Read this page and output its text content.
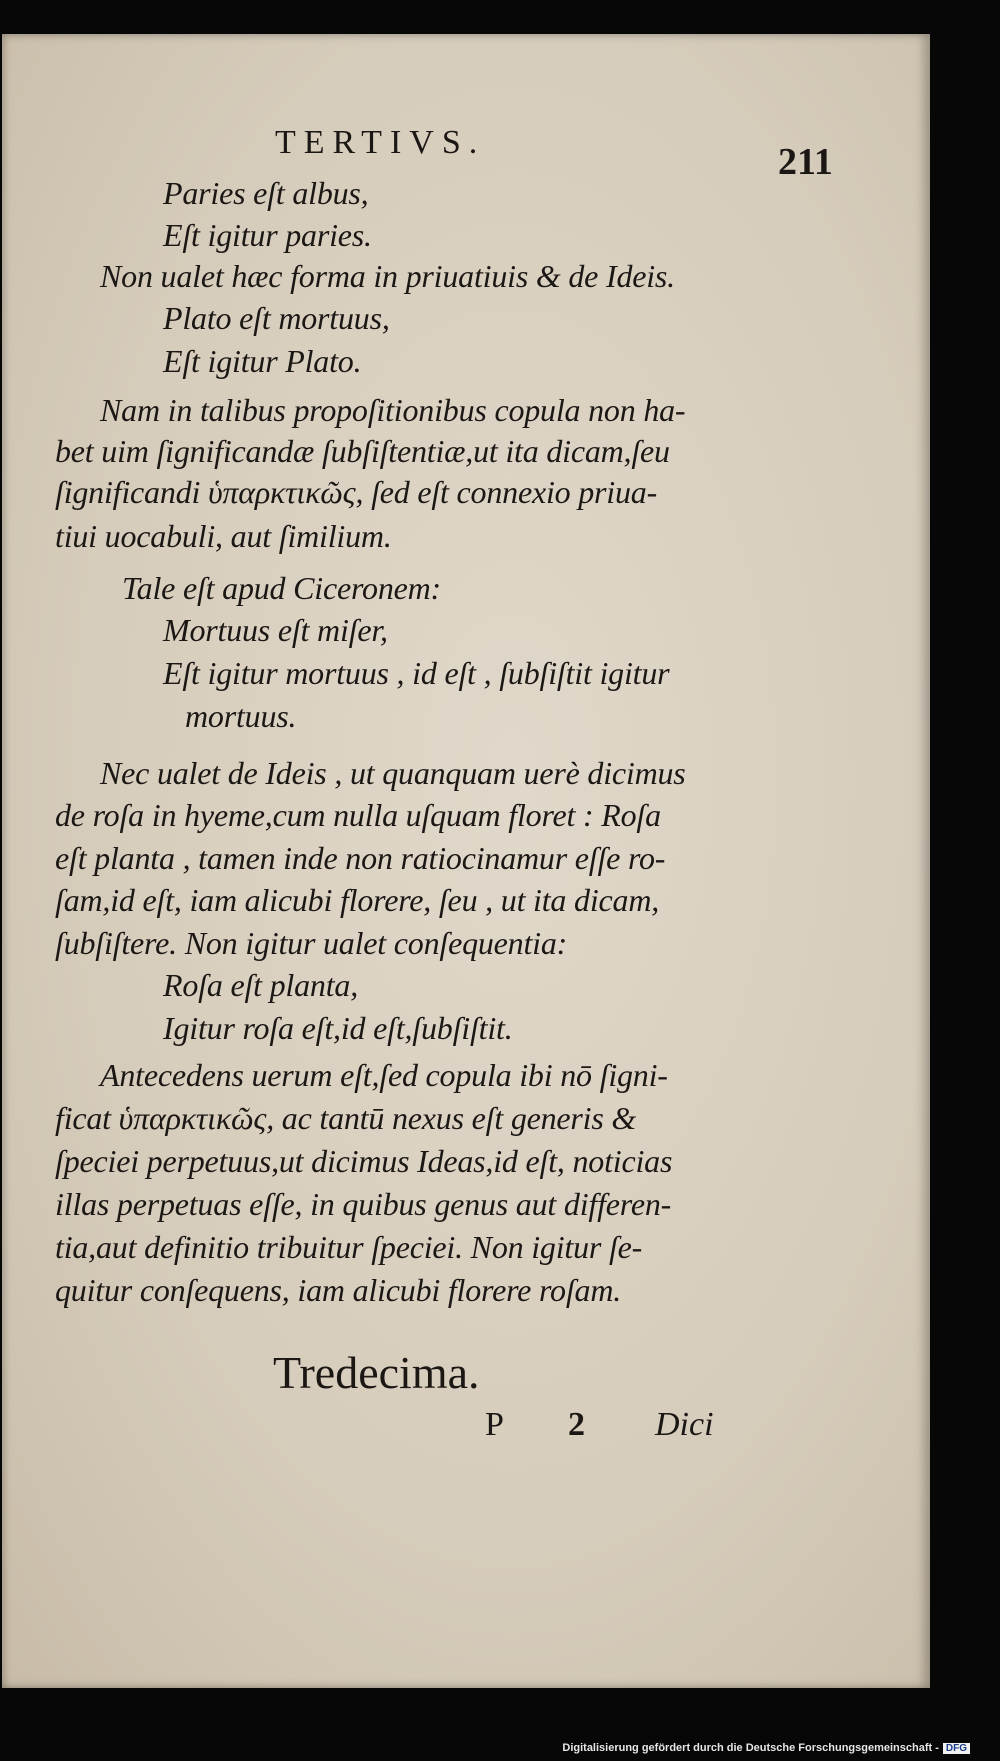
TERTIVS.	211
Paries eſt albus,
Eſt igitur paries.
Non ualet hæc forma in priuatiuis & de Ideis.
Plato eſt mortuus,
Eſt igitur Plato.
Nam in talibus propoſitionibus copula non ha-
bet uim ſignificandæ ſubſiſtentiæ,ut ita dicam,ſeu
ſignificandi ὑπαρκτικῶς, ſed eſt connexio priua-
tiui uocabuli, aut ſimilium.
Tale eſt apud Ciceronem:
Mortuus eſt miſer,
Eſt igitur mortuus , id eſt , ſubſiſtit igitur
mortuus.
Nec ualet de Ideis , ut quanquam uerè dicimus
de roſa in hyeme,cum nulla uſquam floret : Roſa
eſt planta , tamen inde non ratiocinamur eſſe ro-
ſam,id eſt, iam alicubi florere, ſeu , ut ita dicam,
ſubſiſtere. Non igitur ualet conſequentia:
Roſa eſt planta,
Igitur roſa eſt,id eſt,ſubſiſtit.
Antecedens uerum eſt,ſed copula ibi nō ſigni-
ficat ὑπαρκτικῶς, ac tantū nexus eſt generis &
ſpeciei perpetuus,ut dicimus Ideas,id eſt, noticias
illas perpetuas eſſe, in quibus genus aut differen-
tia,aut definitio tribuitur ſpeciei. Non igitur ſe-
quitur conſequens, iam alicubi florere roſam.
Tredecima.
P 2 Dici
Digitalisierung gefördert durch die Deutsche Forschungsgemeinschaft - DFG
